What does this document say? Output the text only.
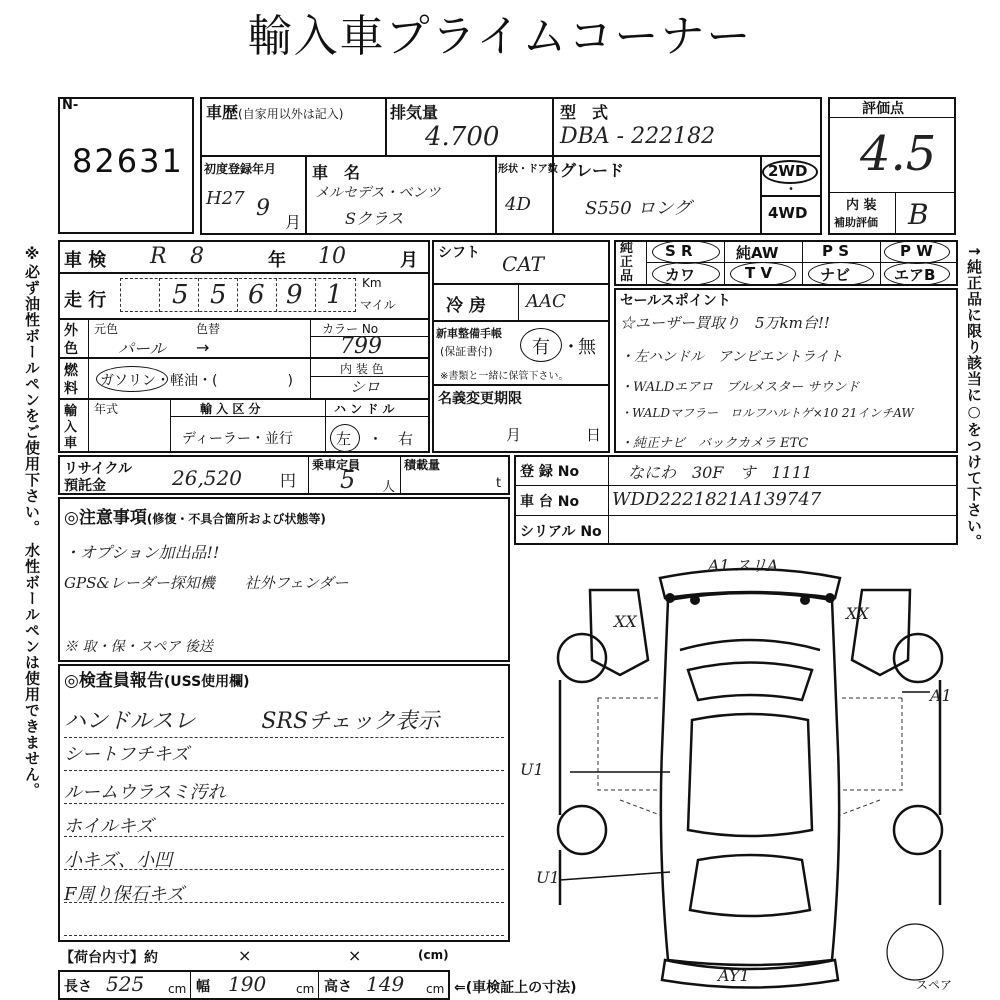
輸入車プライムコーナー
※必ず油性ボールペンをご使用下さい。 水性ボールペンは使用できません。	↑純正品に限り該当に○をつけて下さい。
N-
82631
車歴(自家用以外は記入)	排気量
4.700
型　式
DBA - 222182
初度登録年月
H27 9
月
車　名
メルセデス・ベンツ
Sクラス
形状・ドア数
4D
グレード
S550 ロング
2WD
・
4WD
評価点
4.5
内 装
補助評価 B
車 検 R 8	年 10	月
走 行	5 5 6 9 1 Km
マイル
外
色
元色	色替
パール →
カラー No
799
燃
料 ガソリン・軽油・(　　　　　)
内 装 色
シロ
輸
入
車
年式	輸 入 区 分
ディーラー・並行
ハ ン ド ル
左 ・ 右
シフト CAT
冷 房 AAC
新車整備手帳
(保証書付) 有 ・
無
※書類と一緒に保管下さい。
名義変更期限
月	日
純正品
S R	純AW	P S	P W
カワ	T V	ナビ	エアB
セールスポイント
☆ユーザー買取り　5万km台!!
・左ハンドル　アンビエントライト
・WALDエアロ　ブルメスター サウンド
・WALDマフラー　ロルフハルトゲ×10 21インチAW
・純正ナビ　バックカメラ ETC
リサイクル
預託金	26,520 円
乗車定員
5 人
積載量
t
登 録 No	なにわ　30F　す　1111
車 台 No WDD2221821A139747
シリアル No
◎注意事項(修復・不具合箇所および状態等)
・オプション加出品!!
GPS&レーダー探知機　　社外フェンダー
※ 取・保・スペア 後送
◎検査員報告(USS使用欄)
ハンドルスレ　　　SRSチェック表示
シートフチキズ
ルームウラスミ汚れ
ホイルキズ
小キズ、小凹
F周り保石キズ
【荷台内寸】約	×	×	(cm)
長さ 525 cm 幅 190 cm 高さ 149 cm ⇐(車検証上の寸法)
A1 スリA
XX	XX
A1
U1
U1
AY1	スペア
